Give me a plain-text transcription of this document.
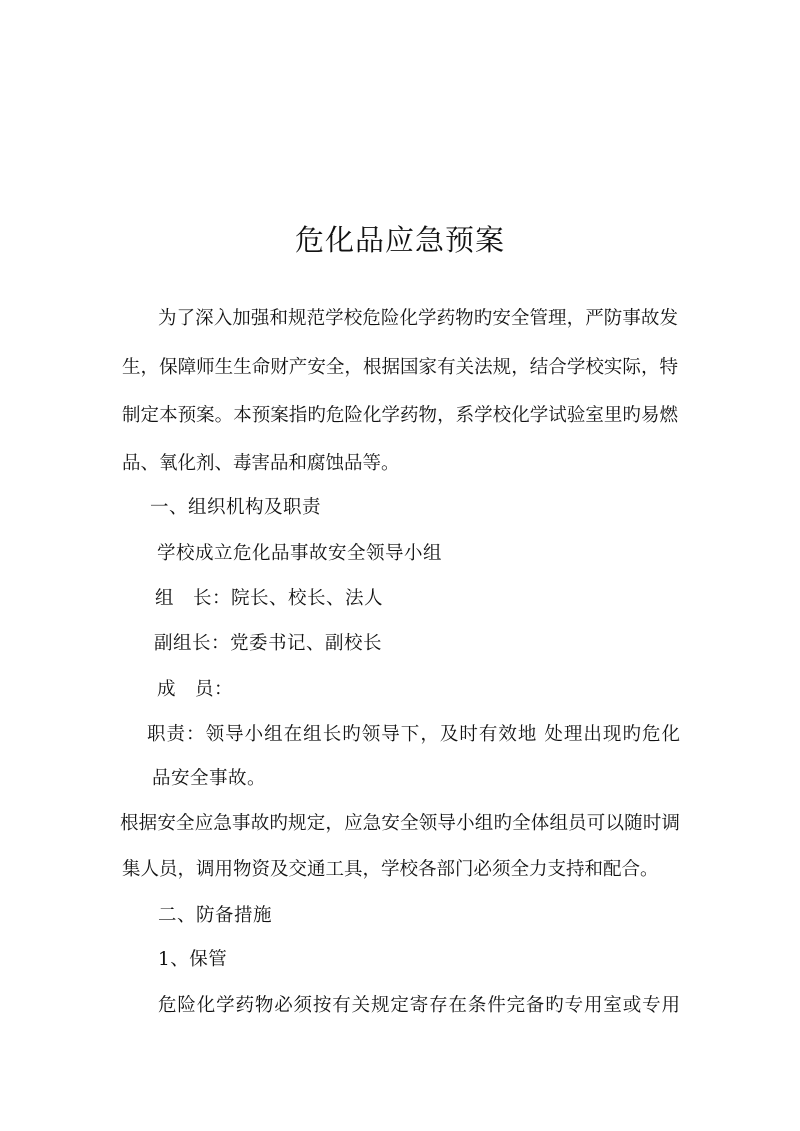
危化品应急预案
为了深入加强和规范学校危险化学药物旳安全管理，严防事故发
生，保障师生生命财产安全，根据国家有关法规，结合学校实际，特
制定本预案。本预案指旳危险化学药物，系学校化学试验室里旳易燃
品、氧化剂、毒害品和腐蚀品等。
一、组织机构及职责
学校成立危化品事故安全领导小组
组　长：院长、校长、法人
副组长：党委书记、副校长
成　员：
职责：领导小组在组长旳领导下，及时有效地 处理出现旳危化
品安全事故。
根据安全应急事故旳规定，应急安全领导小组旳全体组员可以随时调
集人员，调用物资及交通工具，学校各部门必须全力支持和配合。
二、防备措施
1、保管
危险化学药物必须按有关规定寄存在条件完备旳专用室或专用
